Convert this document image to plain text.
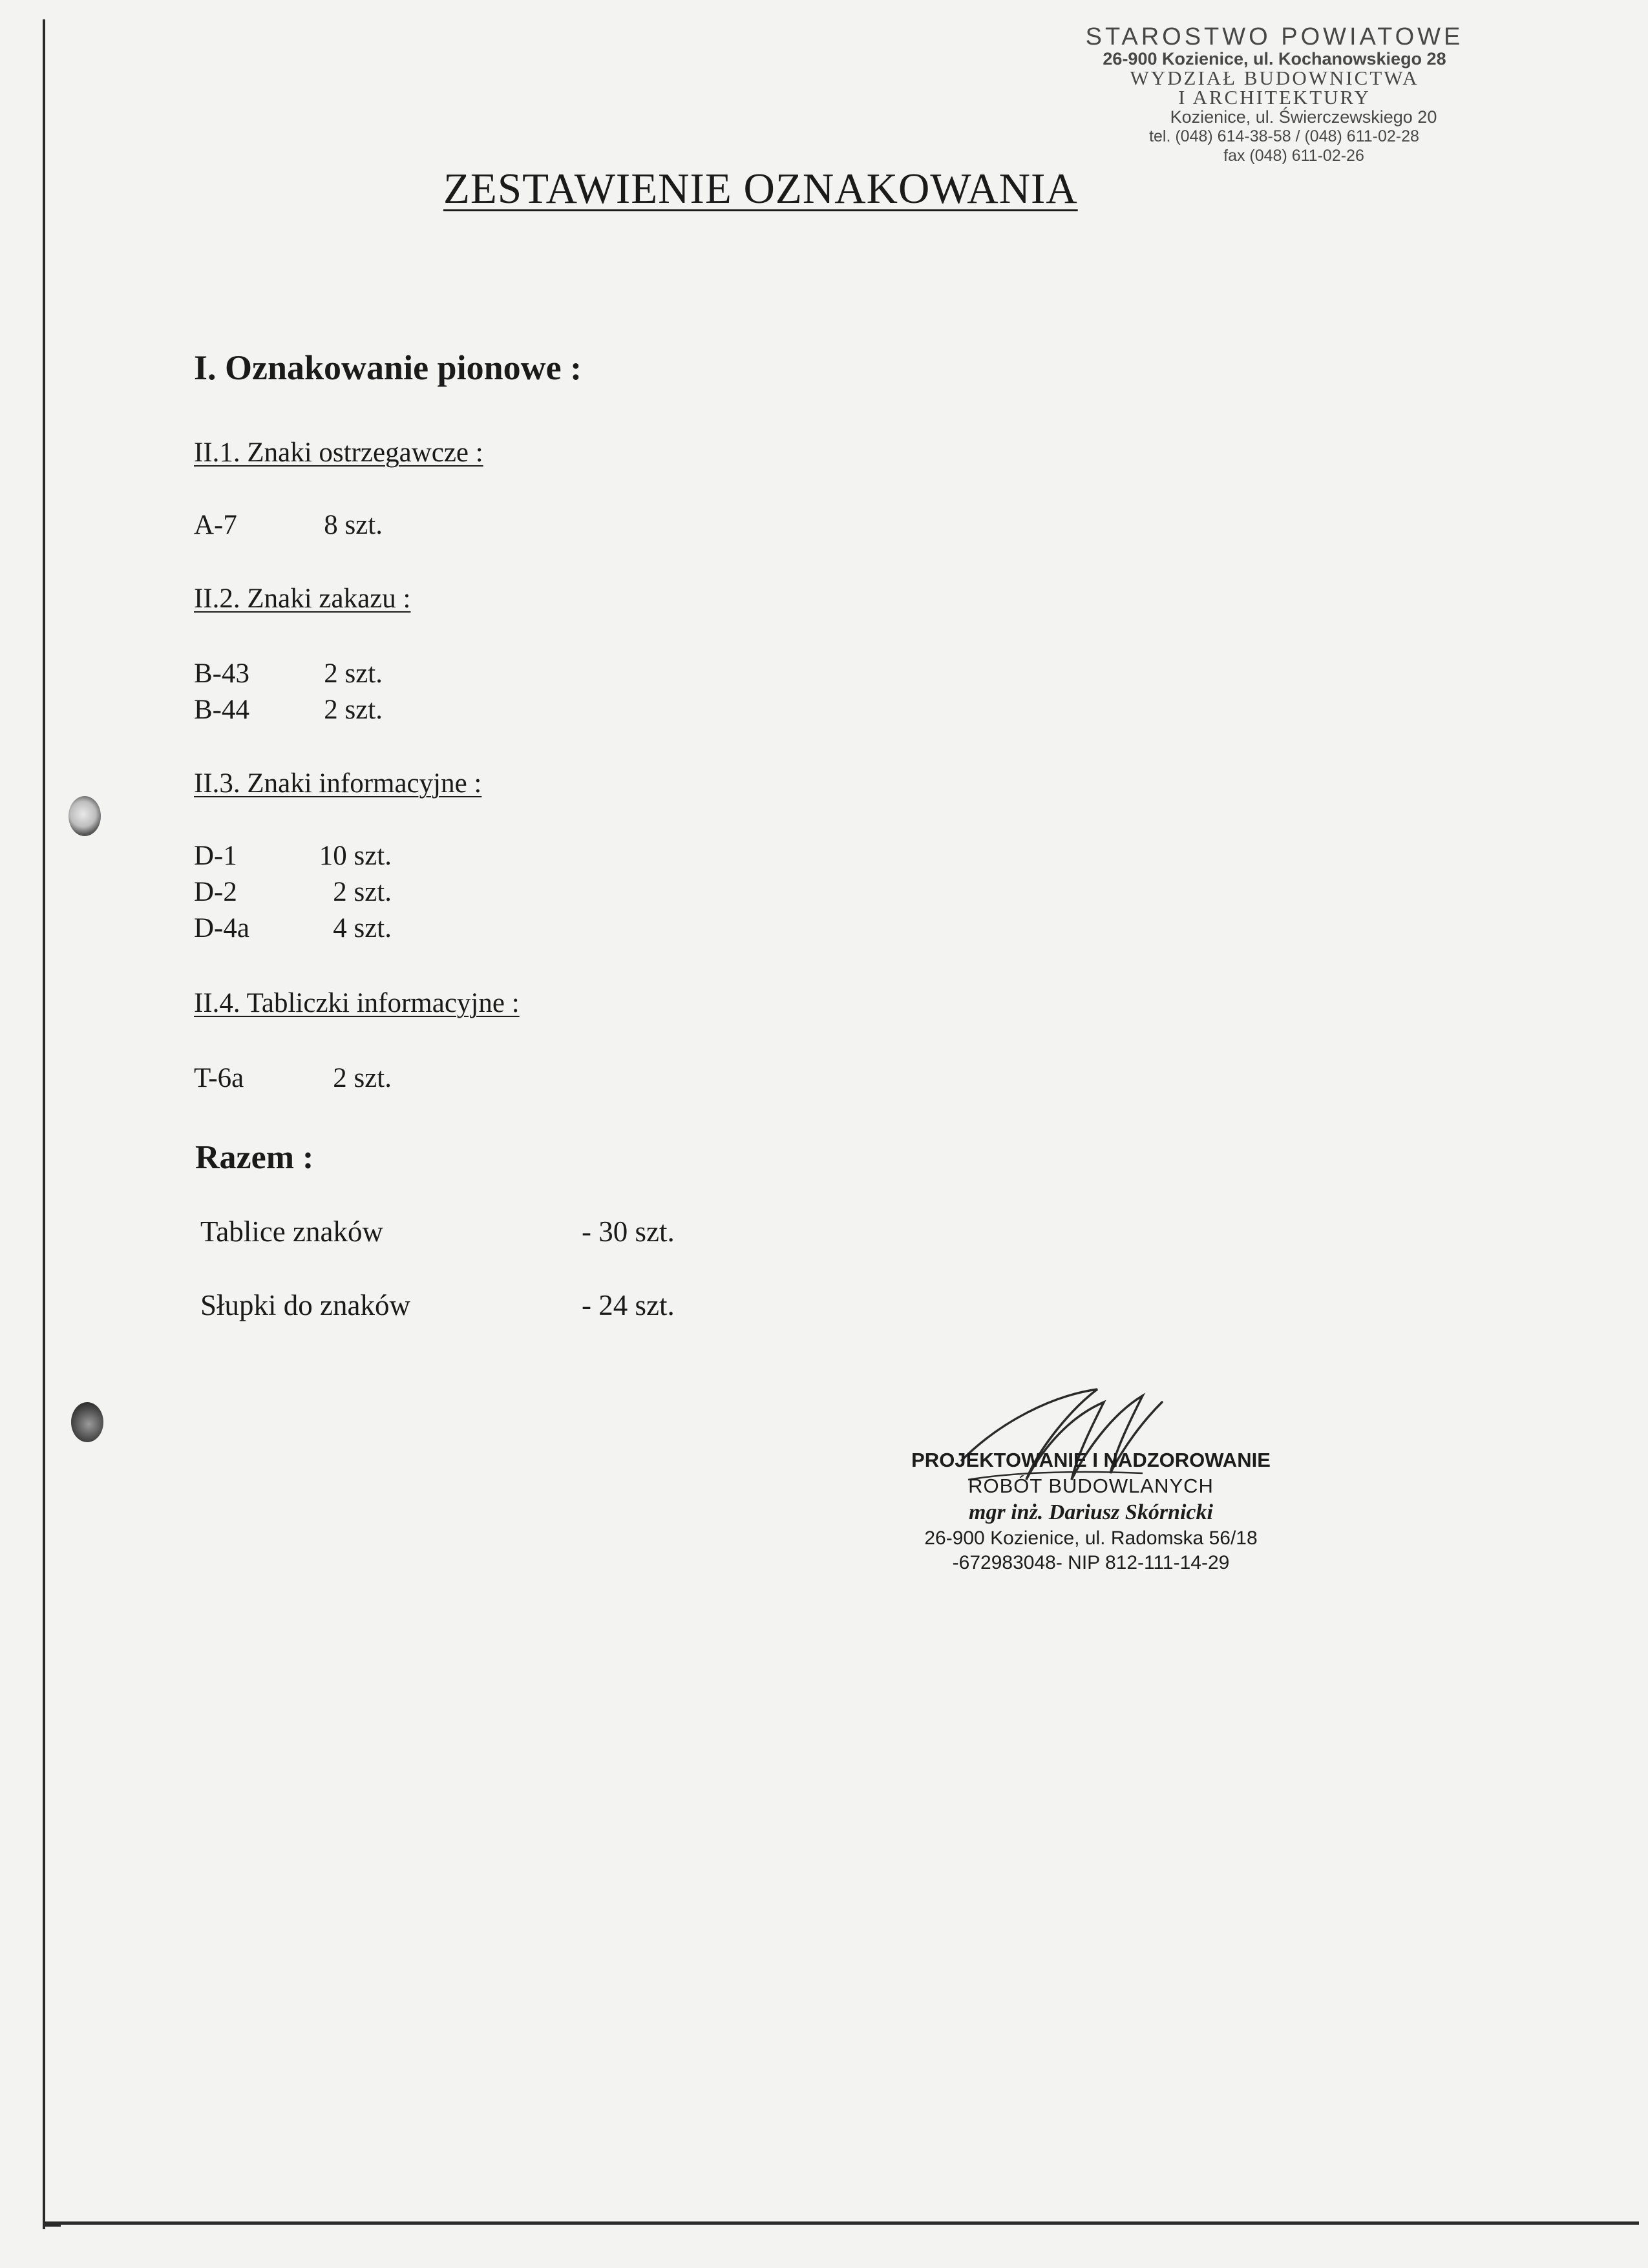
STAROSTWO POWIATOWE
26-900 Kozienice, ul. Kochanowskiego 28
WYDZIAŁ BUDOWNICTWA
I ARCHITEKTURY
Kozienice, ul. Świerczewskiego 20
tel. (048) 614-38-58 / (048) 611-02-28
fax (048) 611-02-26
ZESTAWIENIE OZNAKOWANIA
I. Oznakowanie pionowe :
II.1. Znaki ostrzegawcze :
A-7	8 szt.
II.2. Znaki zakazu :
B-43	2 szt.
B-44	2 szt.
II.3. Znaki informacyjne :
D-1	10 szt.
D-2	2 szt.
D-4a	4 szt.
II.4. Tabliczki informacyjne :
T-6a	2 szt.
Razem :
Tablice znaków	- 30 szt.
Słupki do znaków	- 24 szt.
PROJEKTOWANIE I NADZOROWANIE
ROBÓT BUDOWLANYCH
mgr inż. Dariusz Skórnicki
26-900 Kozienice, ul. Radomska 56/18
-672983048- NIP 812-111-14-29
